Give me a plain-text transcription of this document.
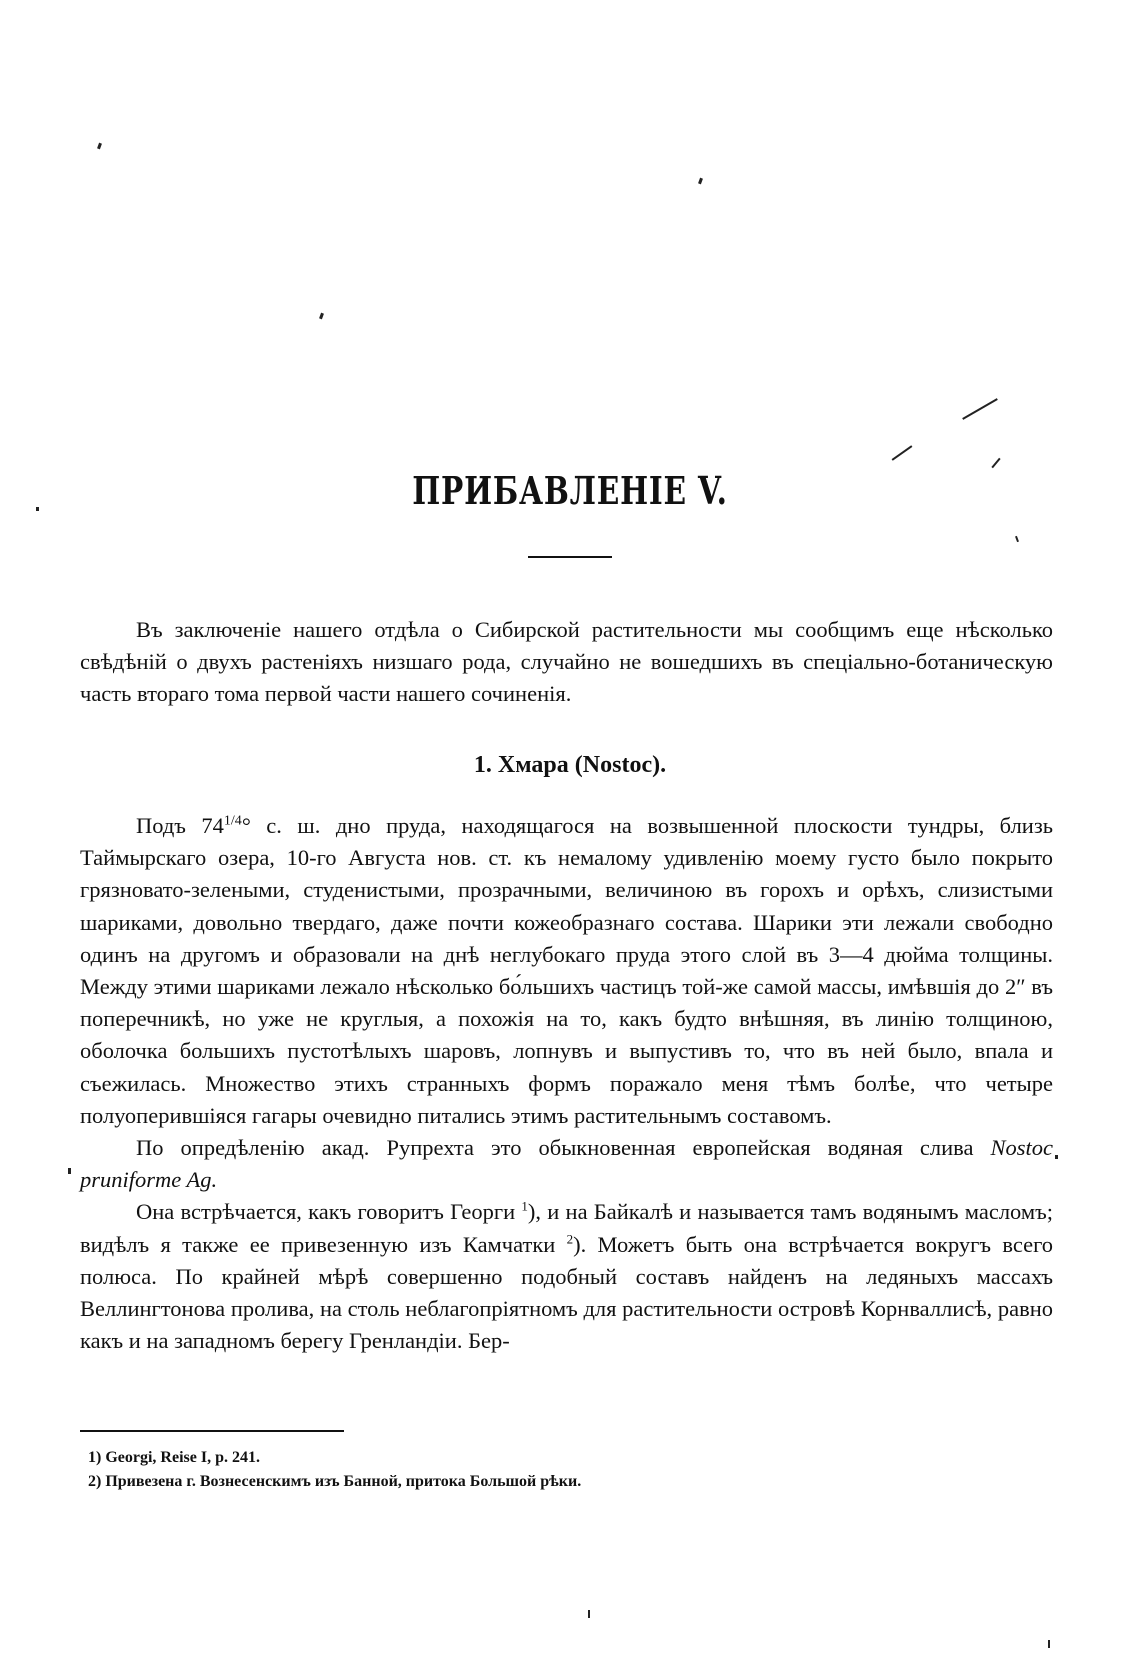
ПРИБАВЛЕНІЕ V.

Въ заключеніе нашего отдѣла о Сибирской растительности мы сообщимъ еще нѣсколько свѣдѣній о двухъ растеніяхъ низшаго рода, случайно не вошедшихъ въ спеціально-ботаническую часть втораго тома первой части нашего сочиненія.

1. Хмара (Nostoc).

Подъ $74^{1/4}^\circ$ с. ш. дно пруда, находящагося на возвышенной плоскости тундры, близь Таймырскаго озера, 10-го Августа нов. ст. къ немалому удивленію моему густо было покрыто грязновато-зелеными, студенистыми, прозрачными, величиною въ горохъ и орѣхъ, слизистыми шариками, довольно твердаго, даже почти кожеобразнаго состава. Шарики эти лежали свободно одинъ на другомъ и образовали на днѣ неглубокаго пруда этого слой въ 3—4 дюйма толщины. Между этими шариками лежало нѣсколько бо́льшихъ частицъ той-же самой массы, имѣвшія до 2″ въ поперечникѣ, но уже не круглыя, а похожія на то, какъ будто внѣшняя, въ линію толщиною, оболочка большихъ пустотѣлыхъ шаровъ, лопнувъ и выпустивъ то, что въ ней было, впала и съежилась. Множество этихъ странныхъ формъ поражало меня тѣмъ болѣе, что четыре полуоперившіяся гагары очевидно питались этимъ растительнымъ составомъ.

По опредѣленію акад. Рупрехта это обыкновенная европейская водяная слива Nostoc pruniforme Ag.

Она встрѣчается, какъ говоритъ Георги $^1$), и на Байкалѣ и называется тамъ водянымъ масломъ; видѣлъ я также ее привезенную изъ Камчатки $^2$). Можетъ быть она встрѣчается вокругъ всего полюса. По крайней мѣрѣ совершенно подобный составъ найденъ на ледяныхъ массахъ Веллингтонова пролива, на столь неблагопріятномъ для растительности островѣ Корнваллисѣ, равно какъ и на западномъ берегу Гренландіи. Бер-

1) Georgi, Reise I, p. 241.
2) Привезена г. Вознесенскимъ изъ Банной, притока Большой рѣки.
